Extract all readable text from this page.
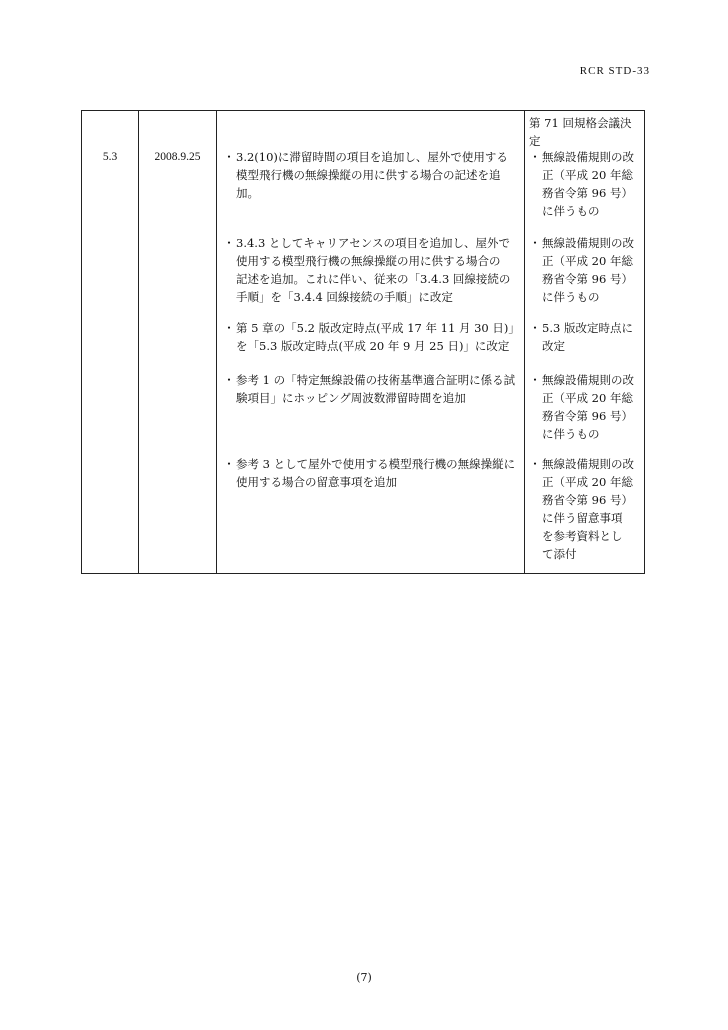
RCR STD-33
5.3	2008.9.25	・ 3.2(10)に滞留時間の項目を追加し、屋外で使用する
模型飛行機の無線操縦の用に供する場合の記述を追
加。
・ 3.4.3 としてキャリアセンスの項目を追加し、屋外で
使用する模型飛行機の無線操縦の用に供する場合の
記述を追加。これに伴い、従来の「3.4.3 回線接続の
手順」を「3.4.4 回線接続の手順」に改定
・ 第 5 章の「5.2 版改定時点(平成 17 年 11 月 30 日)」
を「5.3 版改定時点(平成 20 年 9 月 25 日)」に改定
・ 参考 1 の「特定無線設備の技術基準適合証明に係る試
験項目」にホッピング周波数滞留時間を追加
・ 参考 3 として屋外で使用する模型飛行機の無線操縦に
使用する場合の留意事項を追加
第 71 回規格会議決
定
・ 無線設備規則の改
正（平成 20 年総
務省令第 96 号）
に伴うもの
・ 無線設備規則の改
正（平成 20 年総
務省令第 96 号）
に伴うもの
・ 5.3 版改定時点に
改定
・ 無線設備規則の改
正（平成 20 年総
務省令第 96 号）
に伴うもの
・ 無線設備規則の改
正（平成 20 年総
務省令第 96 号）
に伴う留意事項
を参考資料とし
て添付
(7)
